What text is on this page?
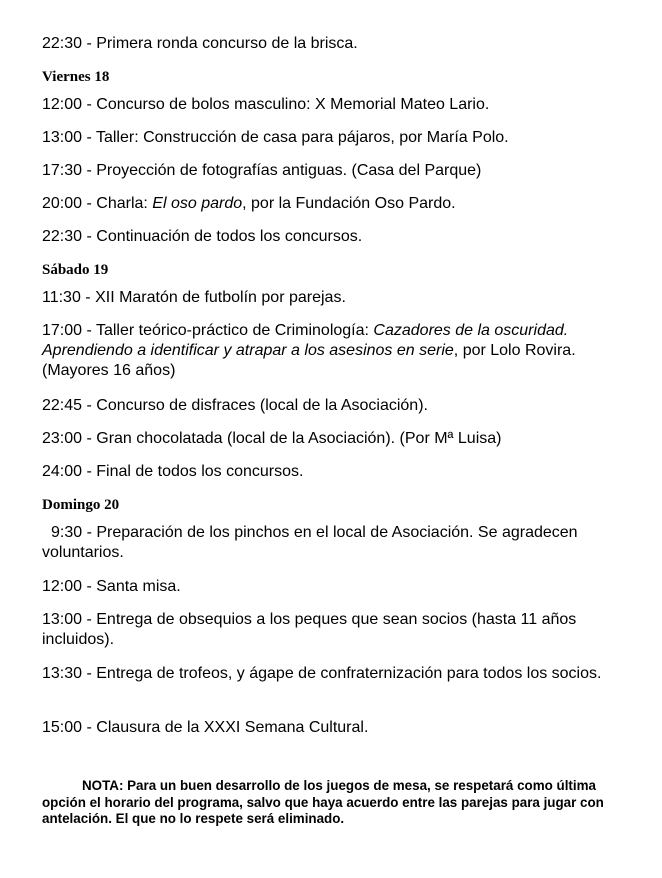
22:30 - Primera ronda concurso de la brisca.
Viernes 18
12:00 - Concurso de bolos masculino: X Memorial Mateo Lario.
13:00 - Taller: Construcción de casa para pájaros, por María Polo.
17:30 - Proyección de fotografías antiguas. (Casa del Parque)
20:00 - Charla: El oso pardo, por la Fundación Oso Pardo.
22:30 - Continuación de todos los concursos.
Sábado 19
11:30 - XII Maratón de futbolín por parejas.
17:00 - Taller teórico-práctico de Criminología: Cazadores de la oscuridad. Aprendiendo a identificar y atrapar a los asesinos en serie, por Lolo Rovira. (Mayores 16 años)
22:45 - Concurso de disfraces (local de la Asociación).
23:00 - Gran chocolatada (local de la Asociación). (Por Mª Luisa)
24:00 - Final de todos los concursos.
Domingo 20
9:30 - Preparación de los pinchos en el local de Asociación. Se agradecen voluntarios.
12:00 - Santa misa.
13:00 - Entrega de obsequios a los peques que sean socios (hasta 11 años incluidos).
13:30 - Entrega de trofeos, y ágape de confraternización para todos los socios.
15:00 - Clausura de la XXXI Semana Cultural.
NOTA: Para un buen desarrollo de los juegos de mesa, se respetará como última opción el horario del programa, salvo que haya acuerdo entre las parejas para jugar con antelación. El que no lo respete será eliminado.
